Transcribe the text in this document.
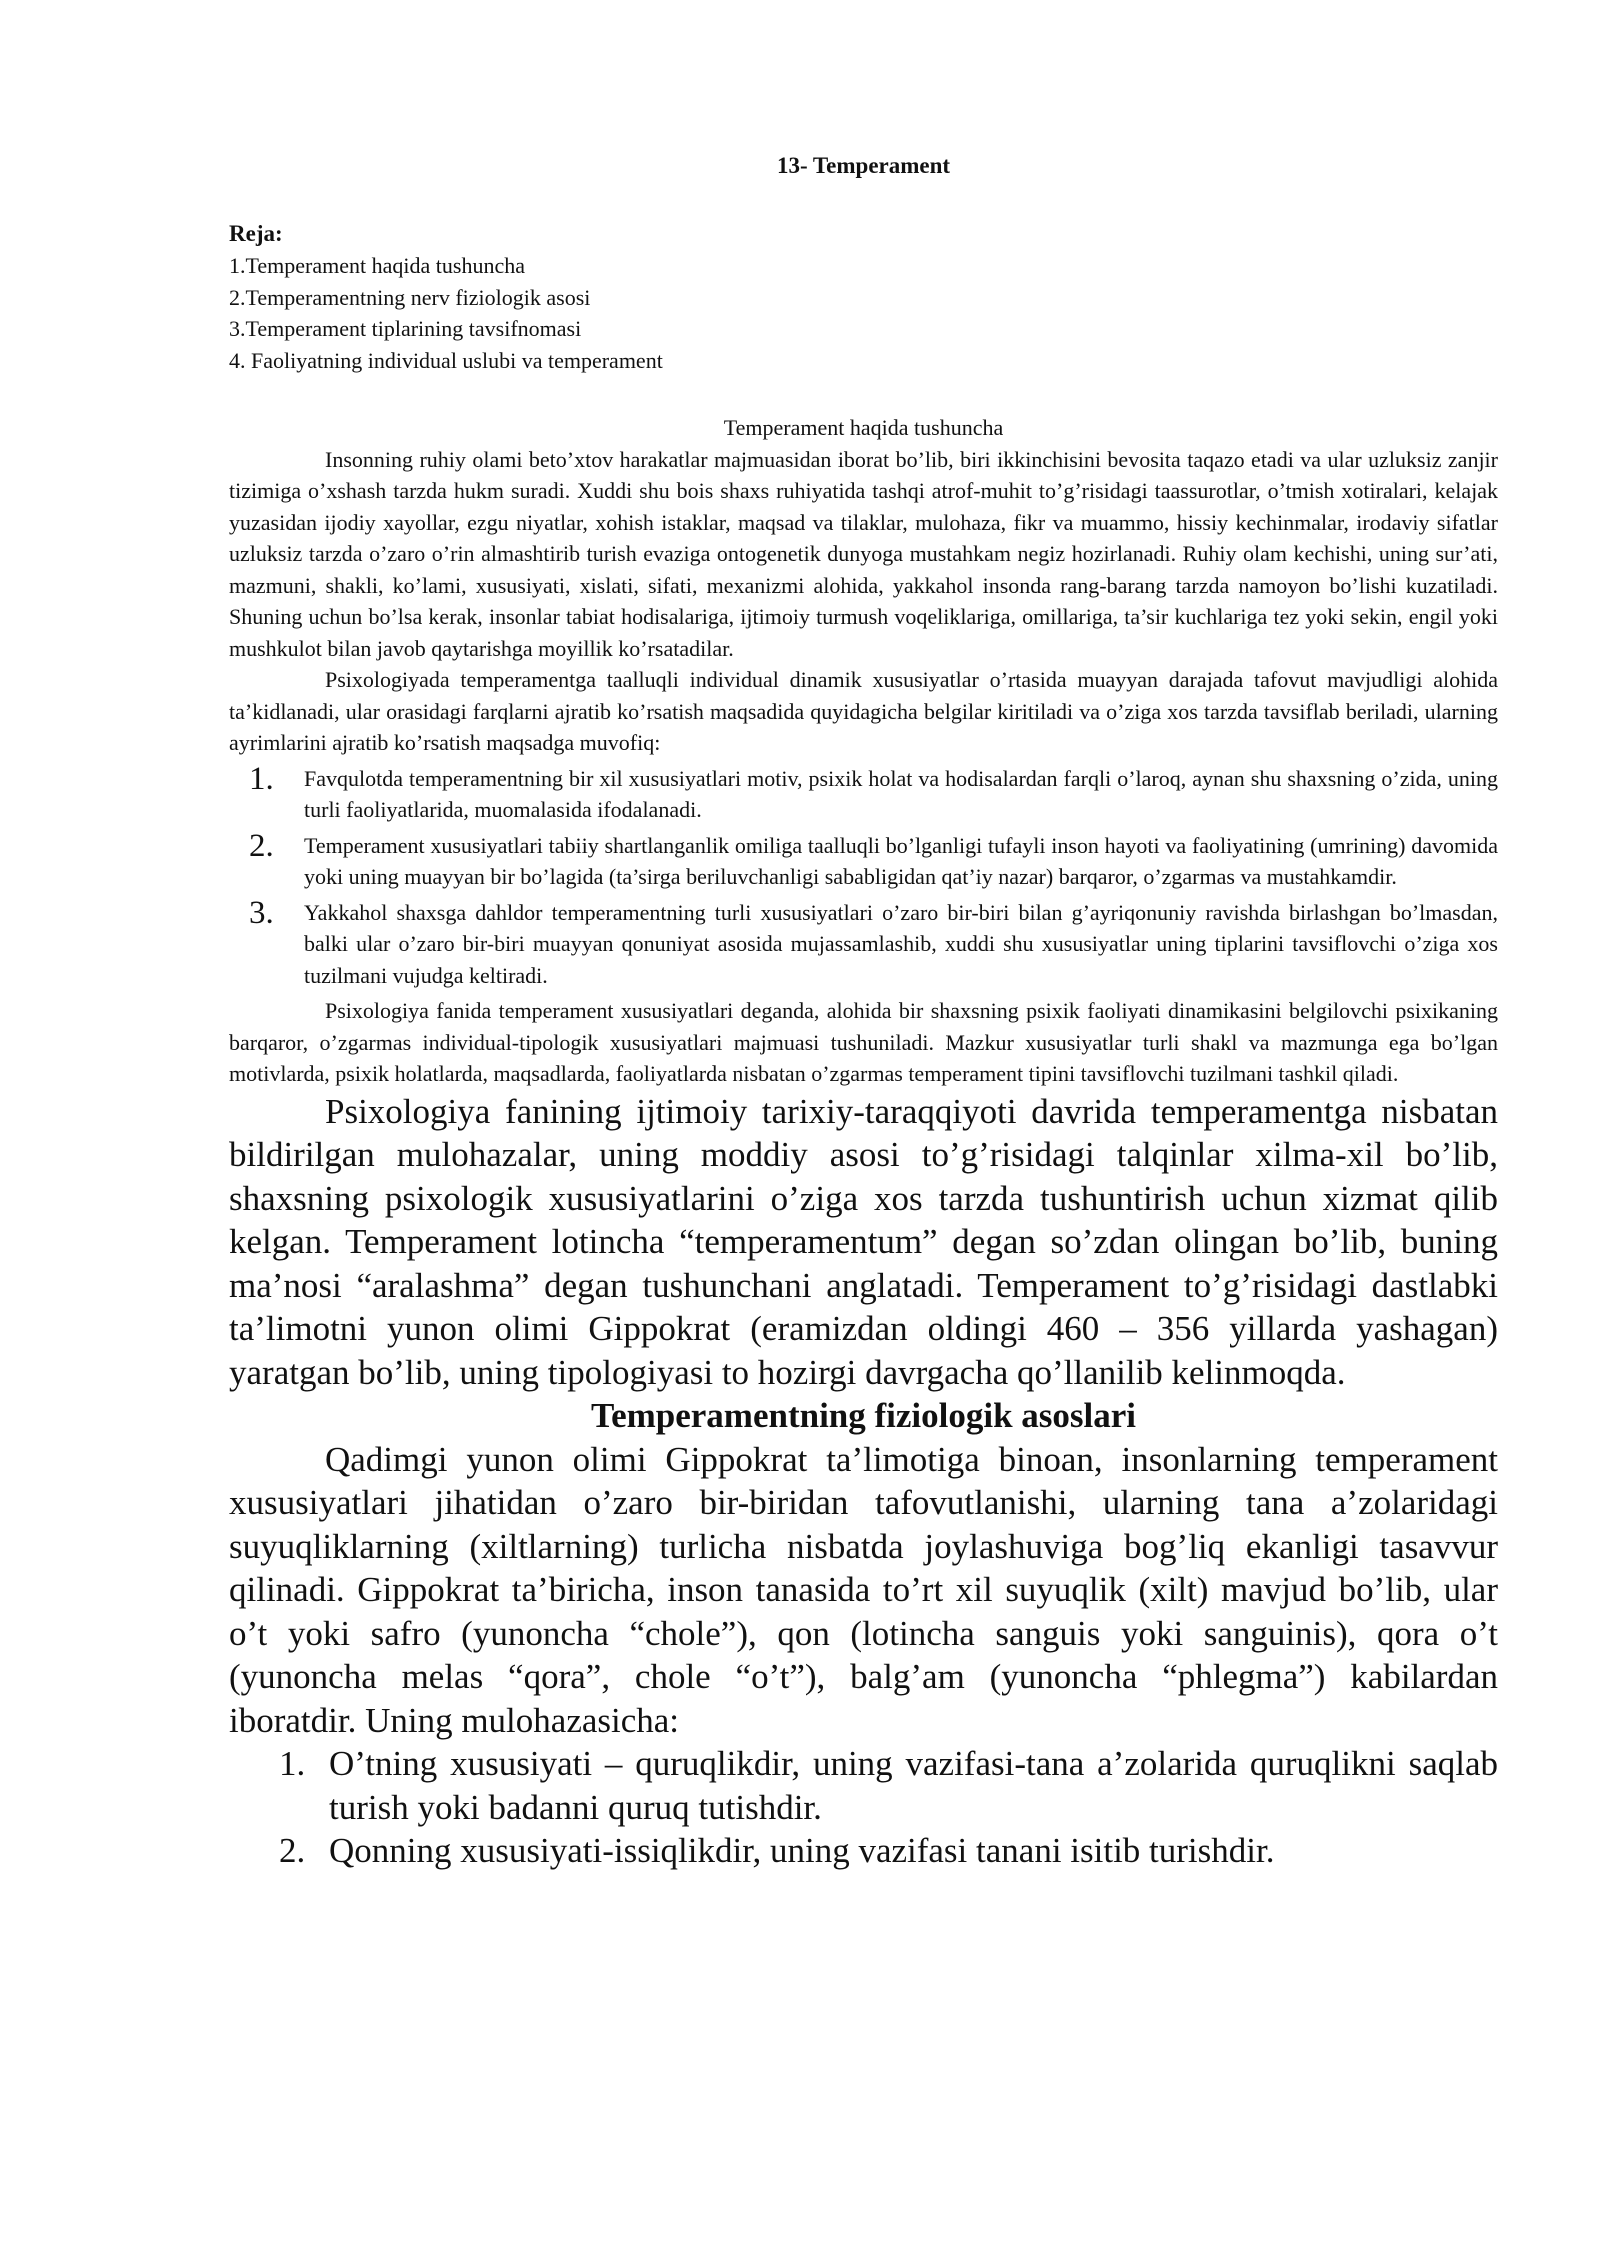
13- Temperament
Reja:
1.Temperament haqida tushuncha
2.Temperamentning nerv fiziologik asosi
3.Temperament tiplarining tavsifnomasi
4. Faoliyatning individual uslubi va temperament
Temperament haqida tushuncha

Insonning ruhiy olami beto’xtov harakatlar majmuasidan iborat bo’lib, biri ikkinchisini bevosita taqazo etadi va ular uzluksiz zanjir tizimiga o’xshash tarzda hukm suradi. Xuddi shu bois shaxs ruhiyatida tashqi atrof-muhit to’g’risidagi taassurotlar, o’tmish xotiralari, kelajak yuzasidan ijodiy xayollar, ezgu niyatlar, xohish istaklar, maqsad va tilaklar, mulohaza, fikr va muammo, hissiy kechinmalar, irodaviy sifatlar uzluksiz tarzda o’zaro o’rin almashtirib turish evaziga ontogenetik dunyoga mustahkam negiz hozirlanadi. Ruhiy olam kechishi, uning sur’ati, mazmuni, shakli, ko’lami, xususiyati, xislati, sifati, mexanizmi alohida, yakkahol insonda rang-barang tarzda namoyon bo’lishi kuzatiladi. Shuning uchun bo’lsa kerak, insonlar tabiat hodisalariga, ijtimoiy turmush voqeliklariga, omillariga, ta’sir kuchlariga tez yoki sekin, engil yoki mushkulot bilan javob qaytarishga moyillik ko’rsatadilar.

Psixologiyada temperamentga taalluqli individual dinamik xususiyatlar o’rtasida muayyan darajada tafovut mavjudligi alohida ta’kidlanadi, ular orasidagi farqlarni ajratib ko’rsatish maqsadida quyidagicha belgilar kiritiladi va o’ziga xos tarzda tavsiflab beriladi, ularning ayrimlarini ajratib ko’rsatish maqsadga muvofiq:

1. Favqulotda temperamentning bir xil xususiyatlari motiv, psixik holat va hodisalardan farqli o’laroq, aynan shu shaxsning o’zida, uning turli faoliyatlarida, muomalasida ifodalanadi.
2. Temperament xususiyatlari tabiiy shartlanganlik omiliga taalluqli bo’lganligi tufayli inson hayoti va faoliyatining (umrining) davomida yoki uning muayyan bir bo’lagida (ta’sirga beriluvchanligi sababligidan qat’iy nazar) barqaror, o’zgarmas va mustahkamdir.
3. Yakkahol shaxsga dahldor temperamentning turli xususiyatlari o’zaro bir-biri bilan g’ayriqonuniy ravishda birlashgan bo’lmasdan, balki ular o’zaro bir-biri muayyan qonuniyat asosida mujassamlashib, xuddi shu xususiyatlar uning tiplarini tavsiflovchi o’ziga xos tuzilmani vujudga keltiradi.

Psixologiya fanida temperament xususiyatlari deganda, alohida bir shaxsning psixik faoliyati dinamikasini belgilovchi psixikaning barqaror, o’zgarmas individual-tipologik xususiyatlari majmuasi tushuniladi. Mazkur xususiyatlar turli shakl va mazmunga ega bo’lgan motivlarda, psixik holatlarda, maqsadlarda, faoliyatlarda nisbatan o’zgarmas temperament tipini tavsiflovchi tuzilmani tashkil qiladi.

Psixologiya fanining ijtimoiy tarixiy-taraqqiyoti davrida temperamentga nisbatan bildirilgan mulohazalar, uning moddiy asosi to’g’risidagi talqinlar xilma-xil bo’lib, shaxsning psixologik xususiyatlarini o’ziga xos tarzda tushuntirish uchun xizmat qilib kelgan. Temperament lotincha “temperamentum” degan so’zdan olingan bo’lib, buning ma’nosi “aralashma” degan tushunchani anglatadi. Temperament to’g’risidagi dastlabki ta’limotni yunon olimi Gippokrat (eramizdan oldingi 460 – 356 yillarda yashagan) yaratgan bo’lib, uning tipologiyasi to hozirgi davrgacha qo’llanilib kelinmoqda.

Temperamentning fiziologik asoslari

Qadimgi yunon olimi Gippokrat ta’limotiga binoan, insonlarning temperament xususiyatlari jihatidan o’zaro bir-biridan tafovutlanishi, ularning tana a’zolaridagi suyuqliklarning (xiltlarning) turlicha nisbatda joylashuviga bog’liq ekanligi tasavvur qilinadi. Gippokrat ta’biricha, inson tanasida to’rt xil suyuqlik (xilt) mavjud bo’lib, ular o’t yoki safro (yunoncha “chole”), qon (lotincha sanguis yoki sanguinis), qora o’t (yunoncha melas “qora”, chole “o’t”), balg’am (yunoncha “phlegma”) kabilardan iboratdir. Uning mulohazasicha:

1. O’tning xususiyati – quruqlikdir, uning vazifasi-tana a’zolarida quruqlikni saqlab turish yoki badanni quruq tutishdir.
2. Qonning xususiyati-issiqlikdir, uning vazifasi tanani isitib turishdir.
